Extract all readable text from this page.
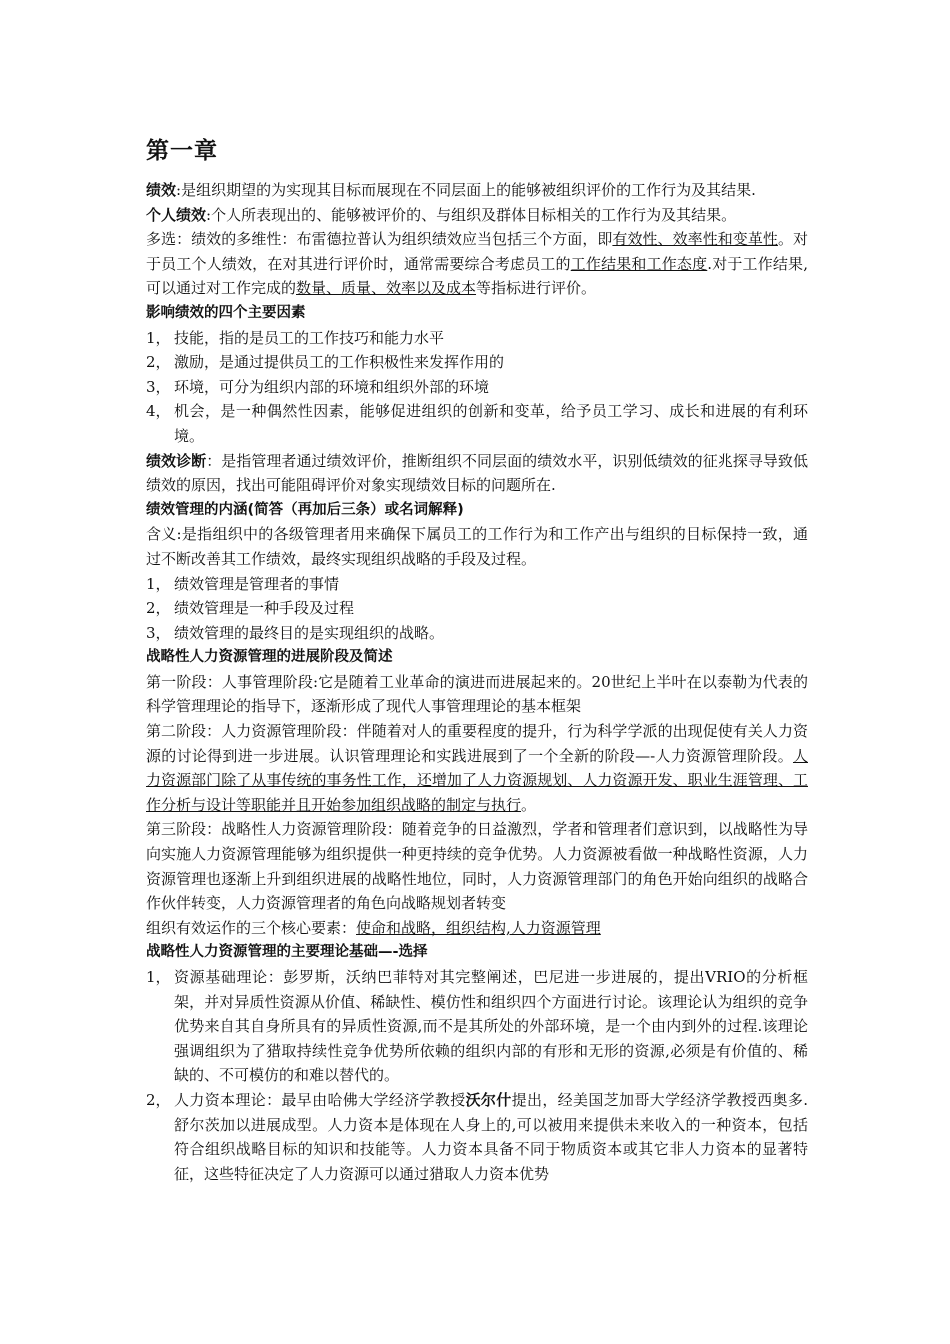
第一章

绩效:是组织期望的为实现其目标而展现在不同层面上的能够被组织评价的工作行为及其结果.

个人绩效:个人所表现出的、能够被评价的、与组织及群体目标相关的工作行为及其结果。

多选：绩效的多维性：布雷德拉普认为组织绩效应当包括三个方面，即有效性、效率性和变革性。对于员工个人绩效，在对其进行评价时，通常需要综合考虑员工的工作结果和工作态度.对于工作结果,可以通过对工作完成的数量、质量、效率以及成本等指标进行评价。

影响绩效的四个主要因素

1， 技能，指的是员工的工作技巧和能力水平
2， 激励，是通过提供员工的工作积极性来发挥作用的
3， 环境，可分为组织内部的环境和组织外部的环境
4， 机会，是一种偶然性因素，能够促进组织的创新和变革，给予员工学习、成长和进展的有利环境。

绩效诊断：是指管理者通过绩效评价，推断组织不同层面的绩效水平，识别低绩效的征兆探寻导致低绩效的原因，找出可能阻碍评价对象实现绩效目标的问题所在.

绩效管理的内涵(简答（再加后三条）或名词解释)

含义:是指组织中的各级管理者用来确保下属员工的工作行为和工作产出与组织的目标保持一致，通过不断改善其工作绩效，最终实现组织战略的手段及过程。

1， 绩效管理是管理者的事情
2， 绩效管理是一种手段及过程
3， 绩效管理的最终目的是实现组织的战略。

战略性人力资源管理的进展阶段及简述

第一阶段：人事管理阶段:它是随着工业革命的演进而进展起来的。20世纪上半叶在以泰勒为代表的科学管理理论的指导下，逐渐形成了现代人事管理理论的基本框架

第二阶段：人力资源管理阶段：伴随着对人的重要程度的提升，行为科学学派的出现促使有关人力资源的讨论得到进一步进展。认识管理理论和实践进展到了一个全新的阶段—-人力资源管理阶段。人力资源部门除了从事传统的事务性工作，还增加了人力资源规划、人力资源开发、职业生涯管理、工作分析与设计等职能并且开始参加组织战略的制定与执行。

第三阶段：战略性人力资源管理阶段：随着竞争的日益激烈，学者和管理者们意识到，以战略性为导向实施人力资源管理能够为组织提供一种更持续的竞争优势。人力资源被看做一种战略性资源，人力资源管理也逐渐上升到组织进展的战略性地位，同时，人力资源管理部门的角色开始向组织的战略合作伙伴转变，人力资源管理者的角色向战略规划者转变

组织有效运作的三个核心要素：使命和战略，组织结构,人力资源管理

战略性人力资源管理的主要理论基础—-选择

1， 资源基础理论：彭罗斯，沃纳巴菲特对其完整阐述，巴尼进一步进展的，提出VRIO的分析框架，并对异质性资源从价值、稀缺性、模仿性和组织四个方面进行讨论。该理论认为组织的竞争优势来自其自身所具有的异质性资源,而不是其所处的外部环境，是一个由内到外的过程.该理论强调组织为了猎取持续性竞争优势所依赖的组织内部的有形和无形的资源,必须是有价值的、稀缺的、不可模仿的和难以替代的。
2， 人力资本理论：最早由哈佛大学经济学教授沃尔什提出，经美国芝加哥大学经济学教授西奥多.舒尔茨加以进展成型。人力资本是体现在人身上的,可以被用来提供未来收入的一种资本，包括符合组织战略目标的知识和技能等。人力资本具备不同于物质资本或其它非人力资本的显著特征，这些特征决定了人力资源可以通过猎取人力资本优势
